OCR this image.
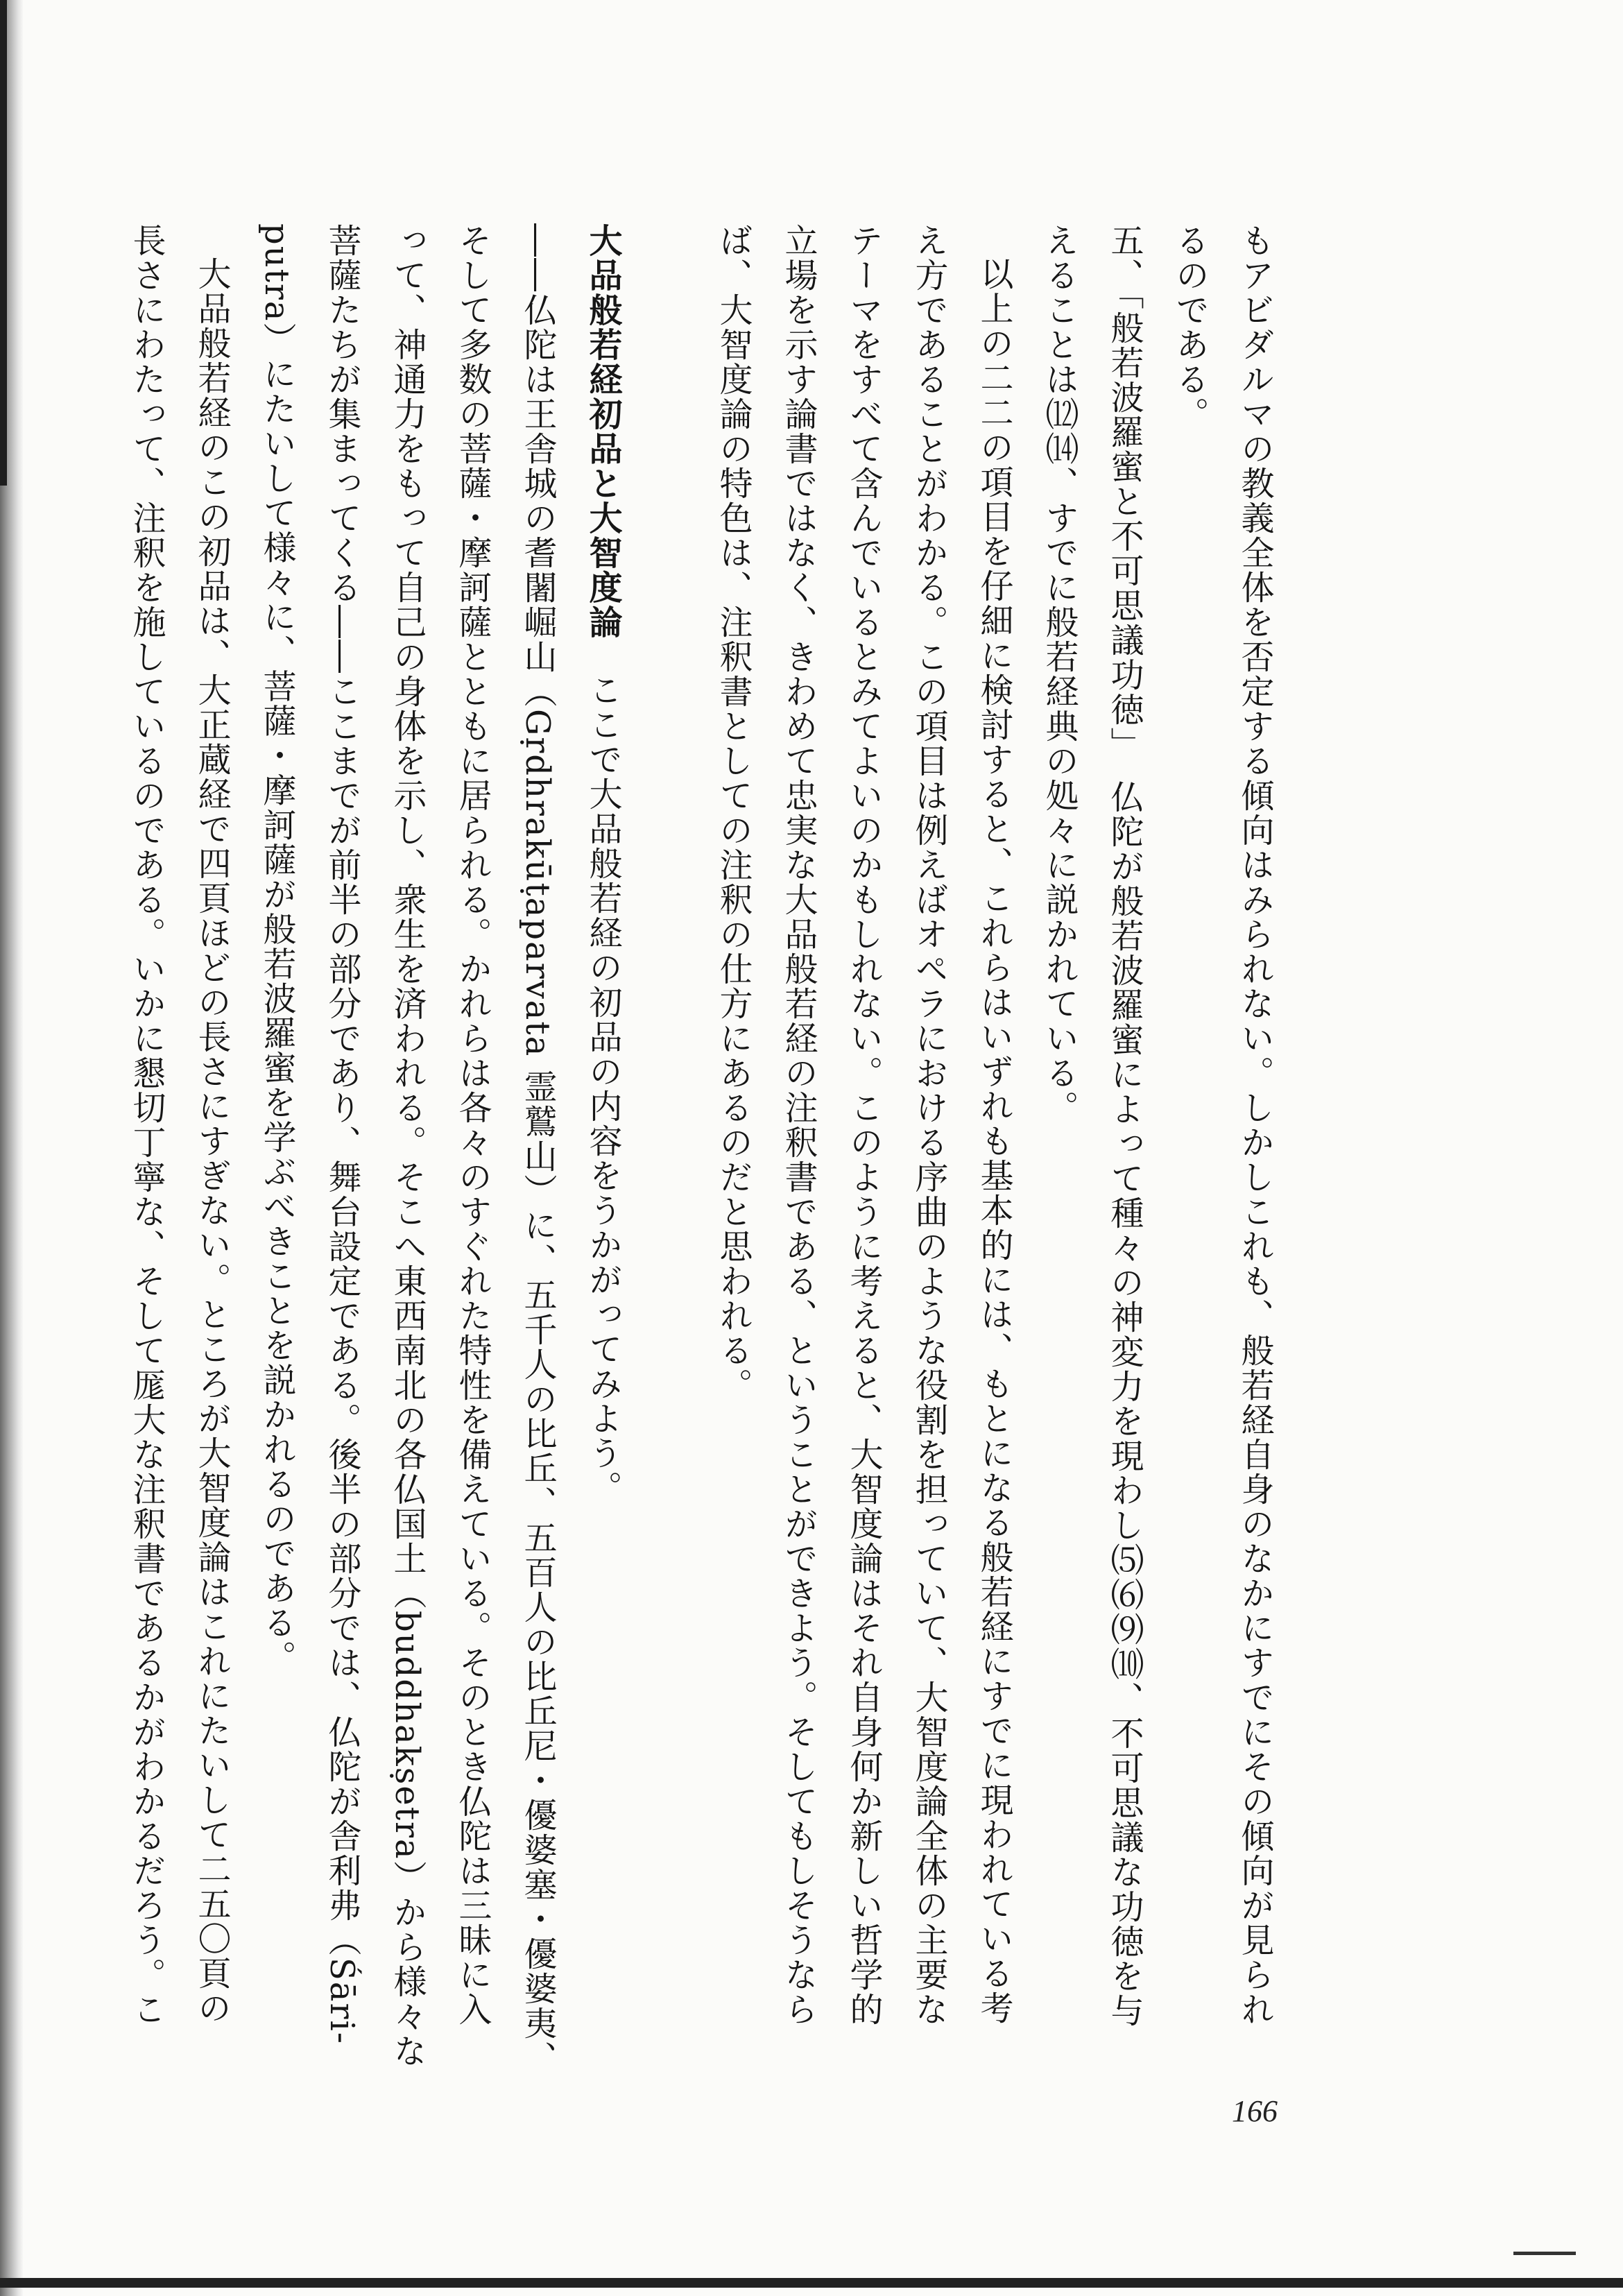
もアビダルマの教義全体を否定する傾向はみられない。しかしこれも、般若経自身のなかにすでにその傾向が見られ
るのである。
五、「般若波羅蜜と不可思議功徳」　仏陀が般若波羅蜜によって種々の神変力を現わし⑸⑹⑼⑽、不可思議な功徳を与
えることは⑿⒁、すでに般若経典の処々に説かれている。
以上の二二の項目を仔細に検討すると、これらはいずれも基本的には、もとになる般若経にすでに現われている考
え方であることがわかる。この項目は例えばオペラにおける序曲のような役割を担っていて、大智度論全体の主要な
テーマをすべて含んでいるとみてよいのかもしれない。このように考えると、大智度論はそれ自身何か新しい哲学的
立場を示す論書ではなく、きわめて忠実な大品般若経の注釈書である、ということができよう。そしてもしそうなら
ば、大智度論の特色は、注釈書としての注釈の仕方にあるのだと思われる。
大品般若経初品と大智度論ここで大品般若経の初品の内容をうかがってみよう。
――仏陀は王舎城の耆闍崛山（Gṛdhrakūṭaparvata 霊鷲山）に、五千人の比丘、五百人の比丘尼・優婆塞・優婆夷、
そして多数の菩薩・摩訶薩とともに居られる。かれらは各々のすぐれた特性を備えている。そのとき仏陀は三昧に入
って、神通力をもって自己の身体を示し、衆生を済われる。そこへ東西南北の各仏国土（buddhakṣetra）から様々な
菩薩たちが集まってくる――ここまでが前半の部分であり、舞台設定である。後半の部分では、仏陀が舎利弗（Śāri-
putra）にたいして様々に、菩薩・摩訶薩が般若波羅蜜を学ぶべきことを説かれるのである。
大品般若経のこの初品は、大正蔵経で四頁ほどの長さにすぎない。ところが大智度論はこれにたいして二五〇頁の
長さにわたって、注釈を施しているのである。いかに懇切丁寧な、そして厖大な注釈書であるかがわかるだろう。こ
166
